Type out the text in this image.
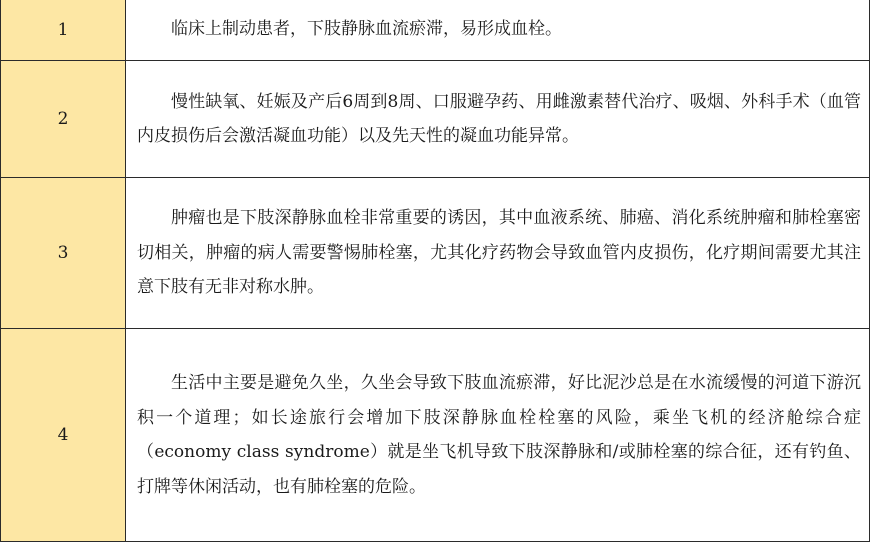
1	临床上制动患者，下肢静脉血流瘀滞，易形成血栓。

2	慢性缺氧、妊娠及产后6周到8周、口服避孕药、用雌激素替代治疗、吸烟、外科手术（血管内皮损伤后会激活凝血功能）以及先天性的凝血功能异常。

3	肿瘤也是下肢深静脉血栓非常重要的诱因，其中血液系统、肺癌、消化系统肿瘤和肺栓塞密切相关，肿瘤的病人需要警惕肺栓塞，尤其化疗药物会导致血管内皮损伤，化疗期间需要尤其注意下肢有无非对称水肿。

4	生活中主要是避免久坐，久坐会导致下肢血流瘀滞，好比泥沙总是在水流缓慢的河道下游沉积一个道理；如长途旅行会增加下肢深静脉血栓栓塞的风险，乘坐飞机的经济舱综合症（economy class syndrome）就是坐飞机导致下肢深静脉和/或肺栓塞的综合征，还有钓鱼、打牌等休闲活动，也有肺栓塞的危险。
